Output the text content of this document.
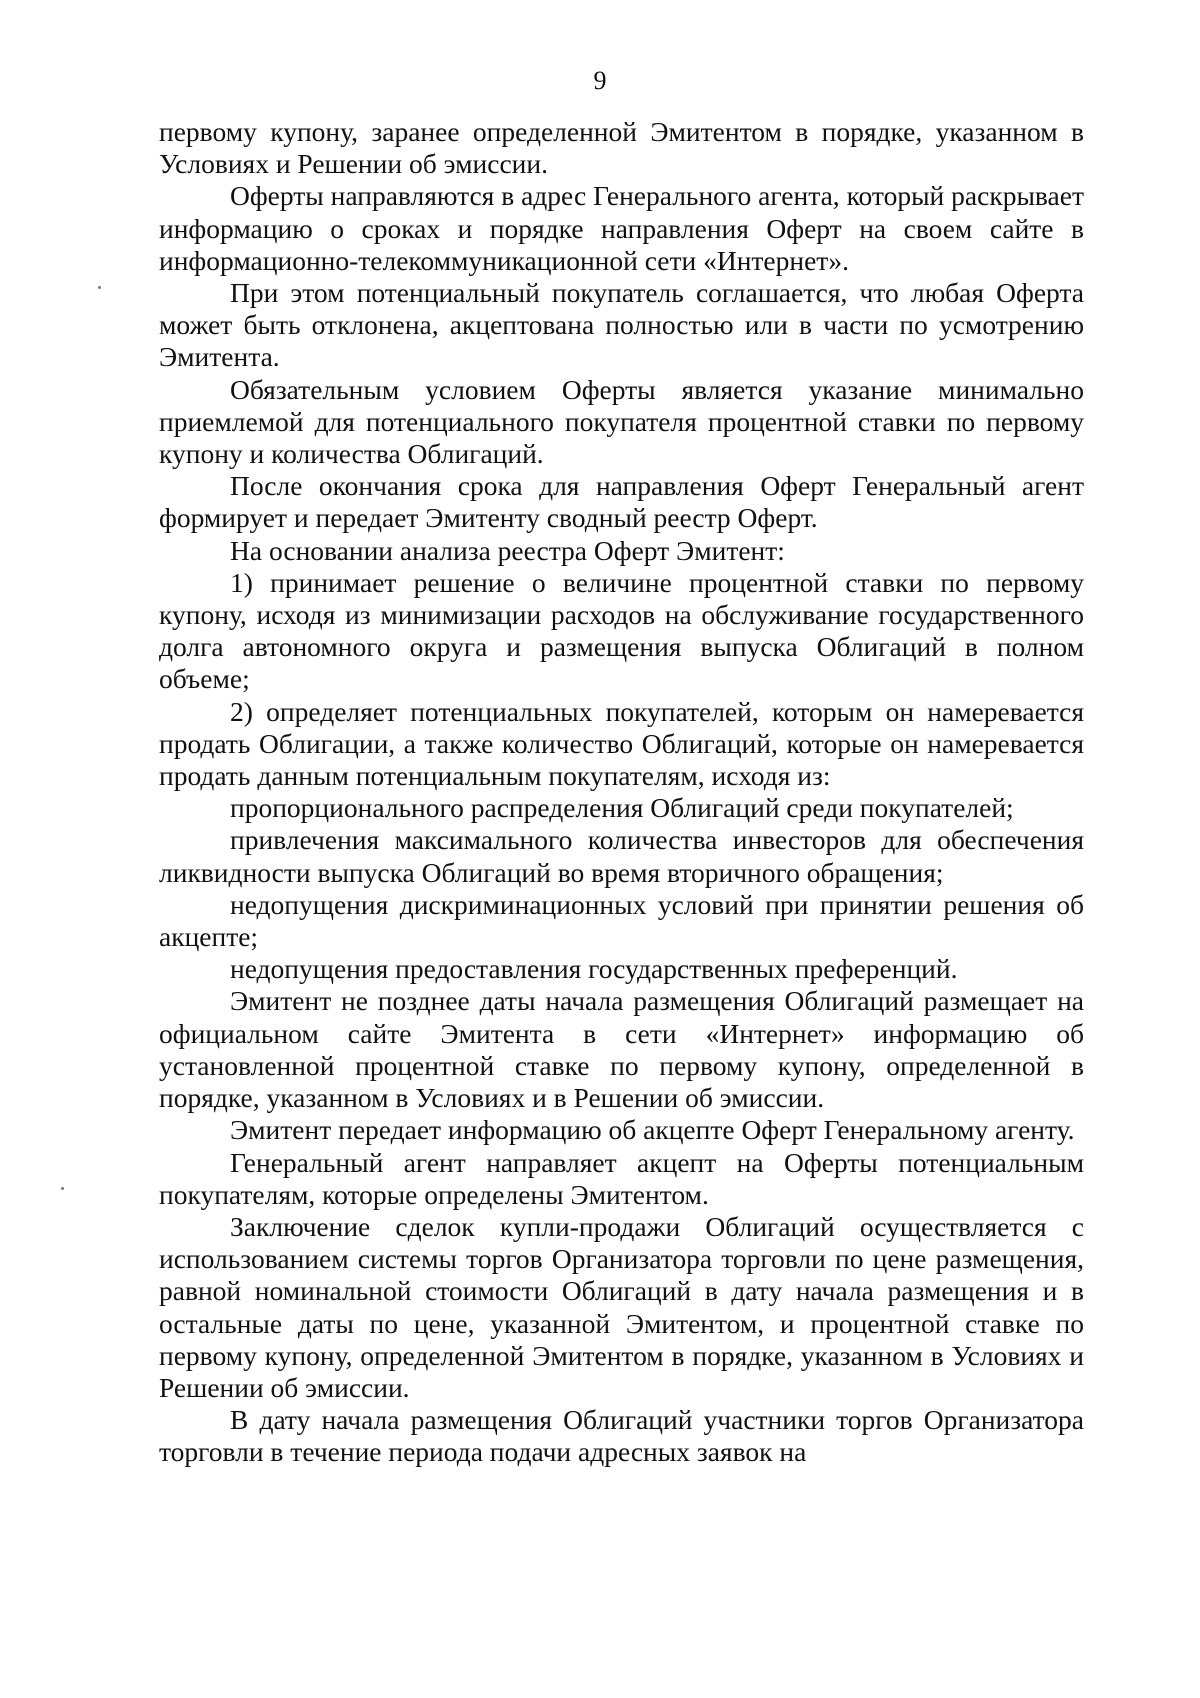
9

первому купону, заранее определенной Эмитентом в порядке, указанном в Условиях и Решении об эмиссии.

Оферты направляются в адрес Генерального агента, который раскрывает информацию о сроках и порядке направления Оферт на своем сайте в информационно-телекоммуникационной сети «Интернет».

При этом потенциальный покупатель соглашается, что любая Оферта может быть отклонена, акцептована полностью или в части по усмотрению Эмитента.

Обязательным условием Оферты является указание минимально приемлемой для потенциального покупателя процентной ставки по первому купону и количества Облигаций.

После окончания срока для направления Оферт Генеральный агент формирует и передает Эмитенту сводный реестр Оферт.

На основании анализа реестра Оферт Эмитент:

1) принимает решение о величине процентной ставки по первому купону, исходя из минимизации расходов на обслуживание государственного долга автономного округа и размещения выпуска Облигаций в полном объеме;

2) определяет потенциальных покупателей, которым он намеревается продать Облигации, а также количество Облигаций, которые он намеревается продать данным потенциальным покупателям, исходя из:

пропорционального распределения Облигаций среди покупателей;

привлечения максимального количества инвесторов для обеспечения ликвидности выпуска Облигаций во время вторичного обращения;

недопущения дискриминационных условий при принятии решения об акцепте;

недопущения предоставления государственных преференций.

Эмитент не позднее даты начала размещения Облигаций размещает на официальном сайте Эмитента в сети «Интернет» информацию об установленной процентной ставке по первому купону, определенной в порядке, указанном в Условиях и в Решении об эмиссии.

Эмитент передает информацию об акцепте Оферт Генеральному агенту.

Генеральный агент направляет акцепт на Оферты потенциальным покупателям, которые определены Эмитентом.

Заключение сделок купли-продажи Облигаций осуществляется с использованием системы торгов Организатора торговли по цене размещения, равной номинальной стоимости Облигаций в дату начала размещения и в остальные даты по цене, указанной Эмитентом, и процентной ставке по первому купону, определенной Эмитентом в порядке, указанном в Условиях и Решении об эмиссии.

В дату начала размещения Облигаций участники торгов Организатора торговли в течение периода подачи адресных заявок на
